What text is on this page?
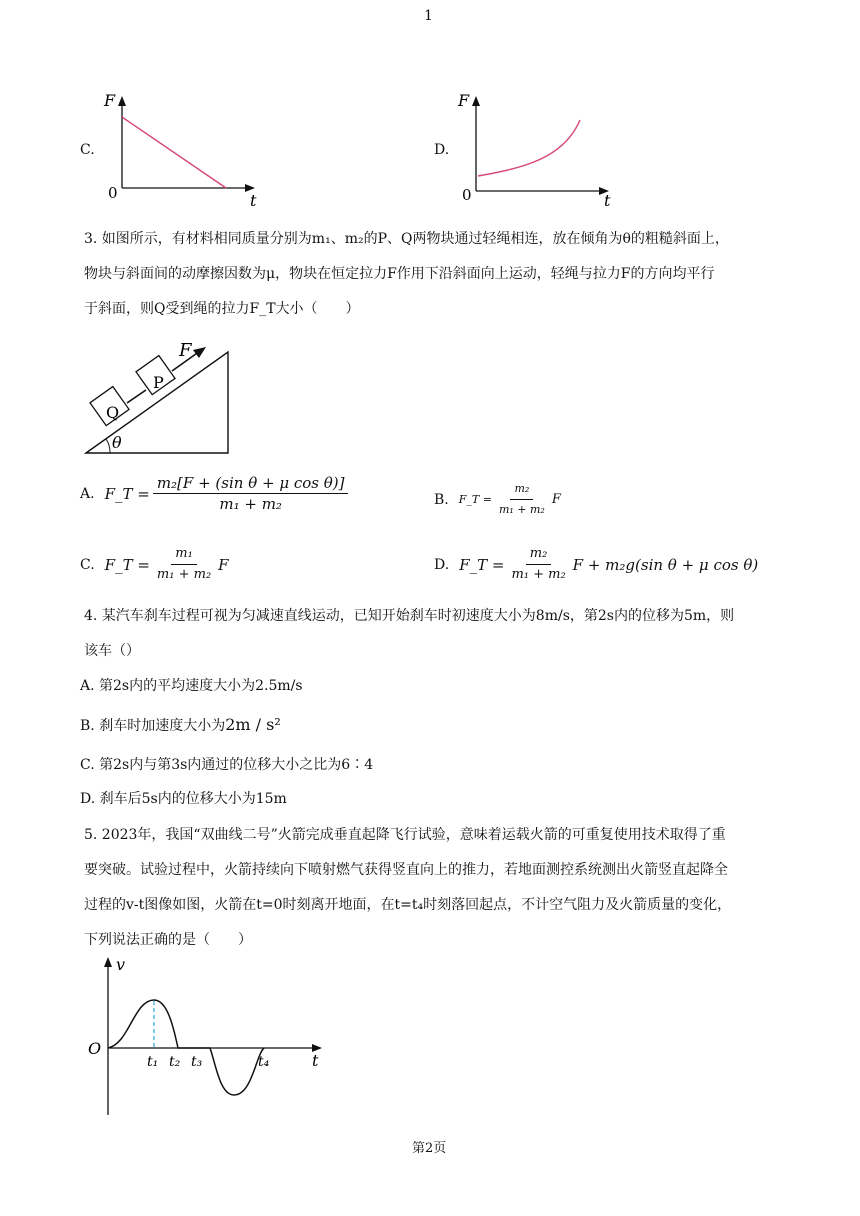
1
C.
F
t
0
D.
F
t
0
3. 如图所示，有材料相同质量分别为m₁、m₂的P、Q两物块通过轻绳相连，放在倾角为θ的粗糙斜面上，
物块与斜面间的动摩擦因数为μ，物块在恒定拉力F作用下沿斜面向上运动，轻绳与拉力F的方向均平行
于斜面，则Q受到绳的拉力F_T大小（　　）
Q
P
F
θ
A. F_T = $\frac{\text{m₂[F + (sin θ + μ cos θ)]}}{\text{m₁ + m₂}}$	B. F_T = $\frac{\text{m₂}}{\text{m₁ + m₂}}$ F
C. F_T = $\frac{\text{m₁}}{\text{m₁ + m₂}}$ F	D. F_T = $\frac{\text{m₂}}{\text{m₁ + m₂}}$ F + m₂g(sin θ + μ cos θ)
4. 某汽车刹车过程可视为匀减速直线运动，已知开始刹车时初速度大小为8m/s，第2s内的位移为5m，则
该车（）
A. 第2s内的平均速度大小为2.5m/s
B. 刹车时加速度大小为2m / s²
C. 第2s内与第3s内通过的位移大小之比为6∶4
D. 刹车后5s内的位移大小为15m
5. 2023年，我国“双曲线二号”火箭完成垂直起降飞行试验，意味着运载火箭的可重复使用技术取得了重
要突破。试验过程中，火箭持续向下喷射燃气获得竖直向上的推力，若地面测控系统测出火箭竖直起降全
过程的v-t图像如图，火箭在t=0时刻离开地面，在t=t₄时刻落回起点，不计空气阻力及火箭质量的变化，
下列说法正确的是（　　）
v
t
O
t₁ t₂ t₃	t₄
第2页
